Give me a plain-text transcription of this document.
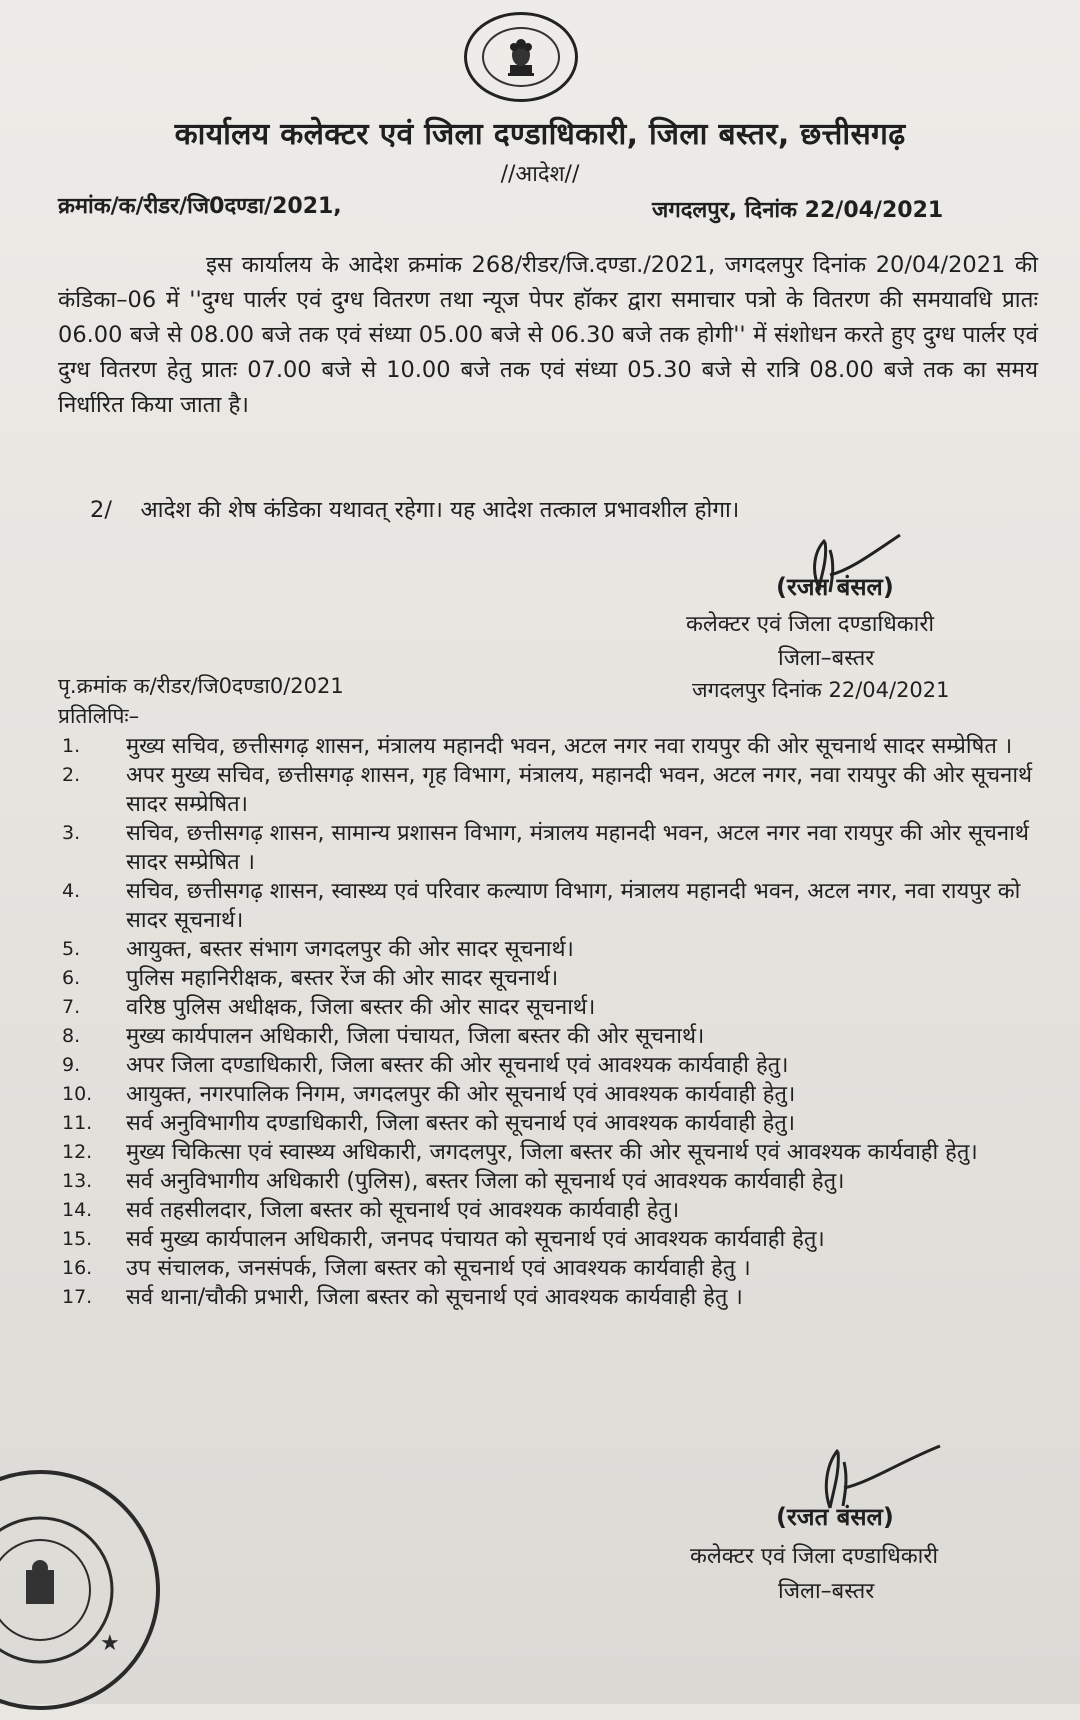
कार्यालय कलेक्टर एवं जिला दण्डाधिकारी, जिला बस्तर, छत्तीसगढ़
//आदेश//
क्रमांक/क/रीडर/जि0दण्डा/2021,	जगदलपुर, दिनांक 22/04/2021
इस कार्यालय के आदेश क्रमांक 268/रीडर/जि.दण्डा./2021, जगदलपुर दिनांक 20/04/2021 की कंडिका–06 में ''दुग्ध पार्लर एवं दुग्ध वितरण तथा न्यूज पेपर हॉकर द्वारा समाचार पत्रो के वितरण की समयावधि प्रातः 06.00 बजे से 08.00 बजे तक एवं संध्या 05.00 बजे से 06.30 बजे तक होगी'' में संशोधन करते हुए दुग्ध पार्लर एवं दुग्ध वितरण हेतु प्रातः 07.00 बजे से 10.00 बजे तक एवं संध्या 05.30 बजे से रात्रि 08.00 बजे तक का समय निर्धारित किया जाता है।
2/    आदेश की शेष कंडिका यथावत् रहेगा। यह आदेश तत्काल प्रभावशील होगा।
(रजत बंसल)
कलेक्टर एवं जिला दण्डाधिकारी
जिला–बस्तर
जगदलपुर दिनांक 22/04/2021
पृ.क्रमांक क/रीडर/जि0दण्डा0/2021
प्रतिलिपिः–
1.	मुख्य सचिव, छत्तीसगढ़ शासन, मंत्रालय महानदी भवन, अटल नगर नवा रायपुर की ओर सूचनार्थ सादर सम्प्रेषित ।
2.	अपर मुख्य सचिव, छत्तीसगढ़ शासन, गृह विभाग, मंत्रालय, महानदी भवन, अटल नगर, नवा रायपुर की ओर सूचनार्थ सादर सम्प्रेषित।
3.	सचिव, छत्तीसगढ़ शासन, सामान्य प्रशासन विभाग, मंत्रालय महानदी भवन, अटल नगर नवा रायपुर की ओर सूचनार्थ सादर सम्प्रेषित ।
4.	सचिव, छत्तीसगढ़ शासन, स्वास्थ्य एवं परिवार कल्याण विभाग, मंत्रालय महानदी भवन, अटल नगर, नवा रायपुर को सादर सूचनार्थ।
5.	आयुक्त, बस्तर संभाग जगदलपुर की ओर सादर सूचनार्थ।
6.	पुलिस महानिरीक्षक, बस्तर रेंज की ओर सादर सूचनार्थ।
7.	वरिष्ठ पुलिस अधीक्षक, जिला बस्तर की ओर सादर सूचनार्थ।
8.	मुख्य कार्यपालन अधिकारी, जिला पंचायत, जिला बस्तर की ओर सूचनार्थ।
9.	अपर जिला दण्डाधिकारी, जिला बस्तर की ओर सूचनार्थ एवं आवश्यक कार्यवाही हेतु।
10.	आयुक्त, नगरपालिक निगम, जगदलपुर की ओर सूचनार्थ एवं आवश्यक कार्यवाही हेतु।
11.	सर्व अनुविभागीय दण्डाधिकारी, जिला बस्तर को सूचनार्थ एवं आवश्यक कार्यवाही हेतु।
12.	मुख्य चिकित्सा एवं स्वास्थ्य अधिकारी, जगदलपुर, जिला बस्तर की ओर सूचनार्थ एवं आवश्यक कार्यवाही हेतु।
13.	सर्व अनुविभागीय अधिकारी (पुलिस), बस्तर जिला को सूचनार्थ एवं आवश्यक कार्यवाही हेतु।
14.	सर्व तहसीलदार, जिला बस्तर को सूचनार्थ एवं आवश्यक कार्यवाही हेतु।
15.	सर्व मुख्य कार्यपालन अधिकारी, जनपद पंचायत को सूचनार्थ एवं आवश्यक कार्यवाही हेतु।
16.	उप संचालक, जनसंपर्क, जिला बस्तर को सूचनार्थ एवं आवश्यक कार्यवाही हेतु ।
17.	सर्व थाना/चौकी प्रभारी, जिला बस्तर को सूचनार्थ एवं आवश्यक कार्यवाही हेतु ।
(रजत बंसल)
कलेक्टर एवं जिला दण्डाधिकारी
जिला–बस्तर
★
